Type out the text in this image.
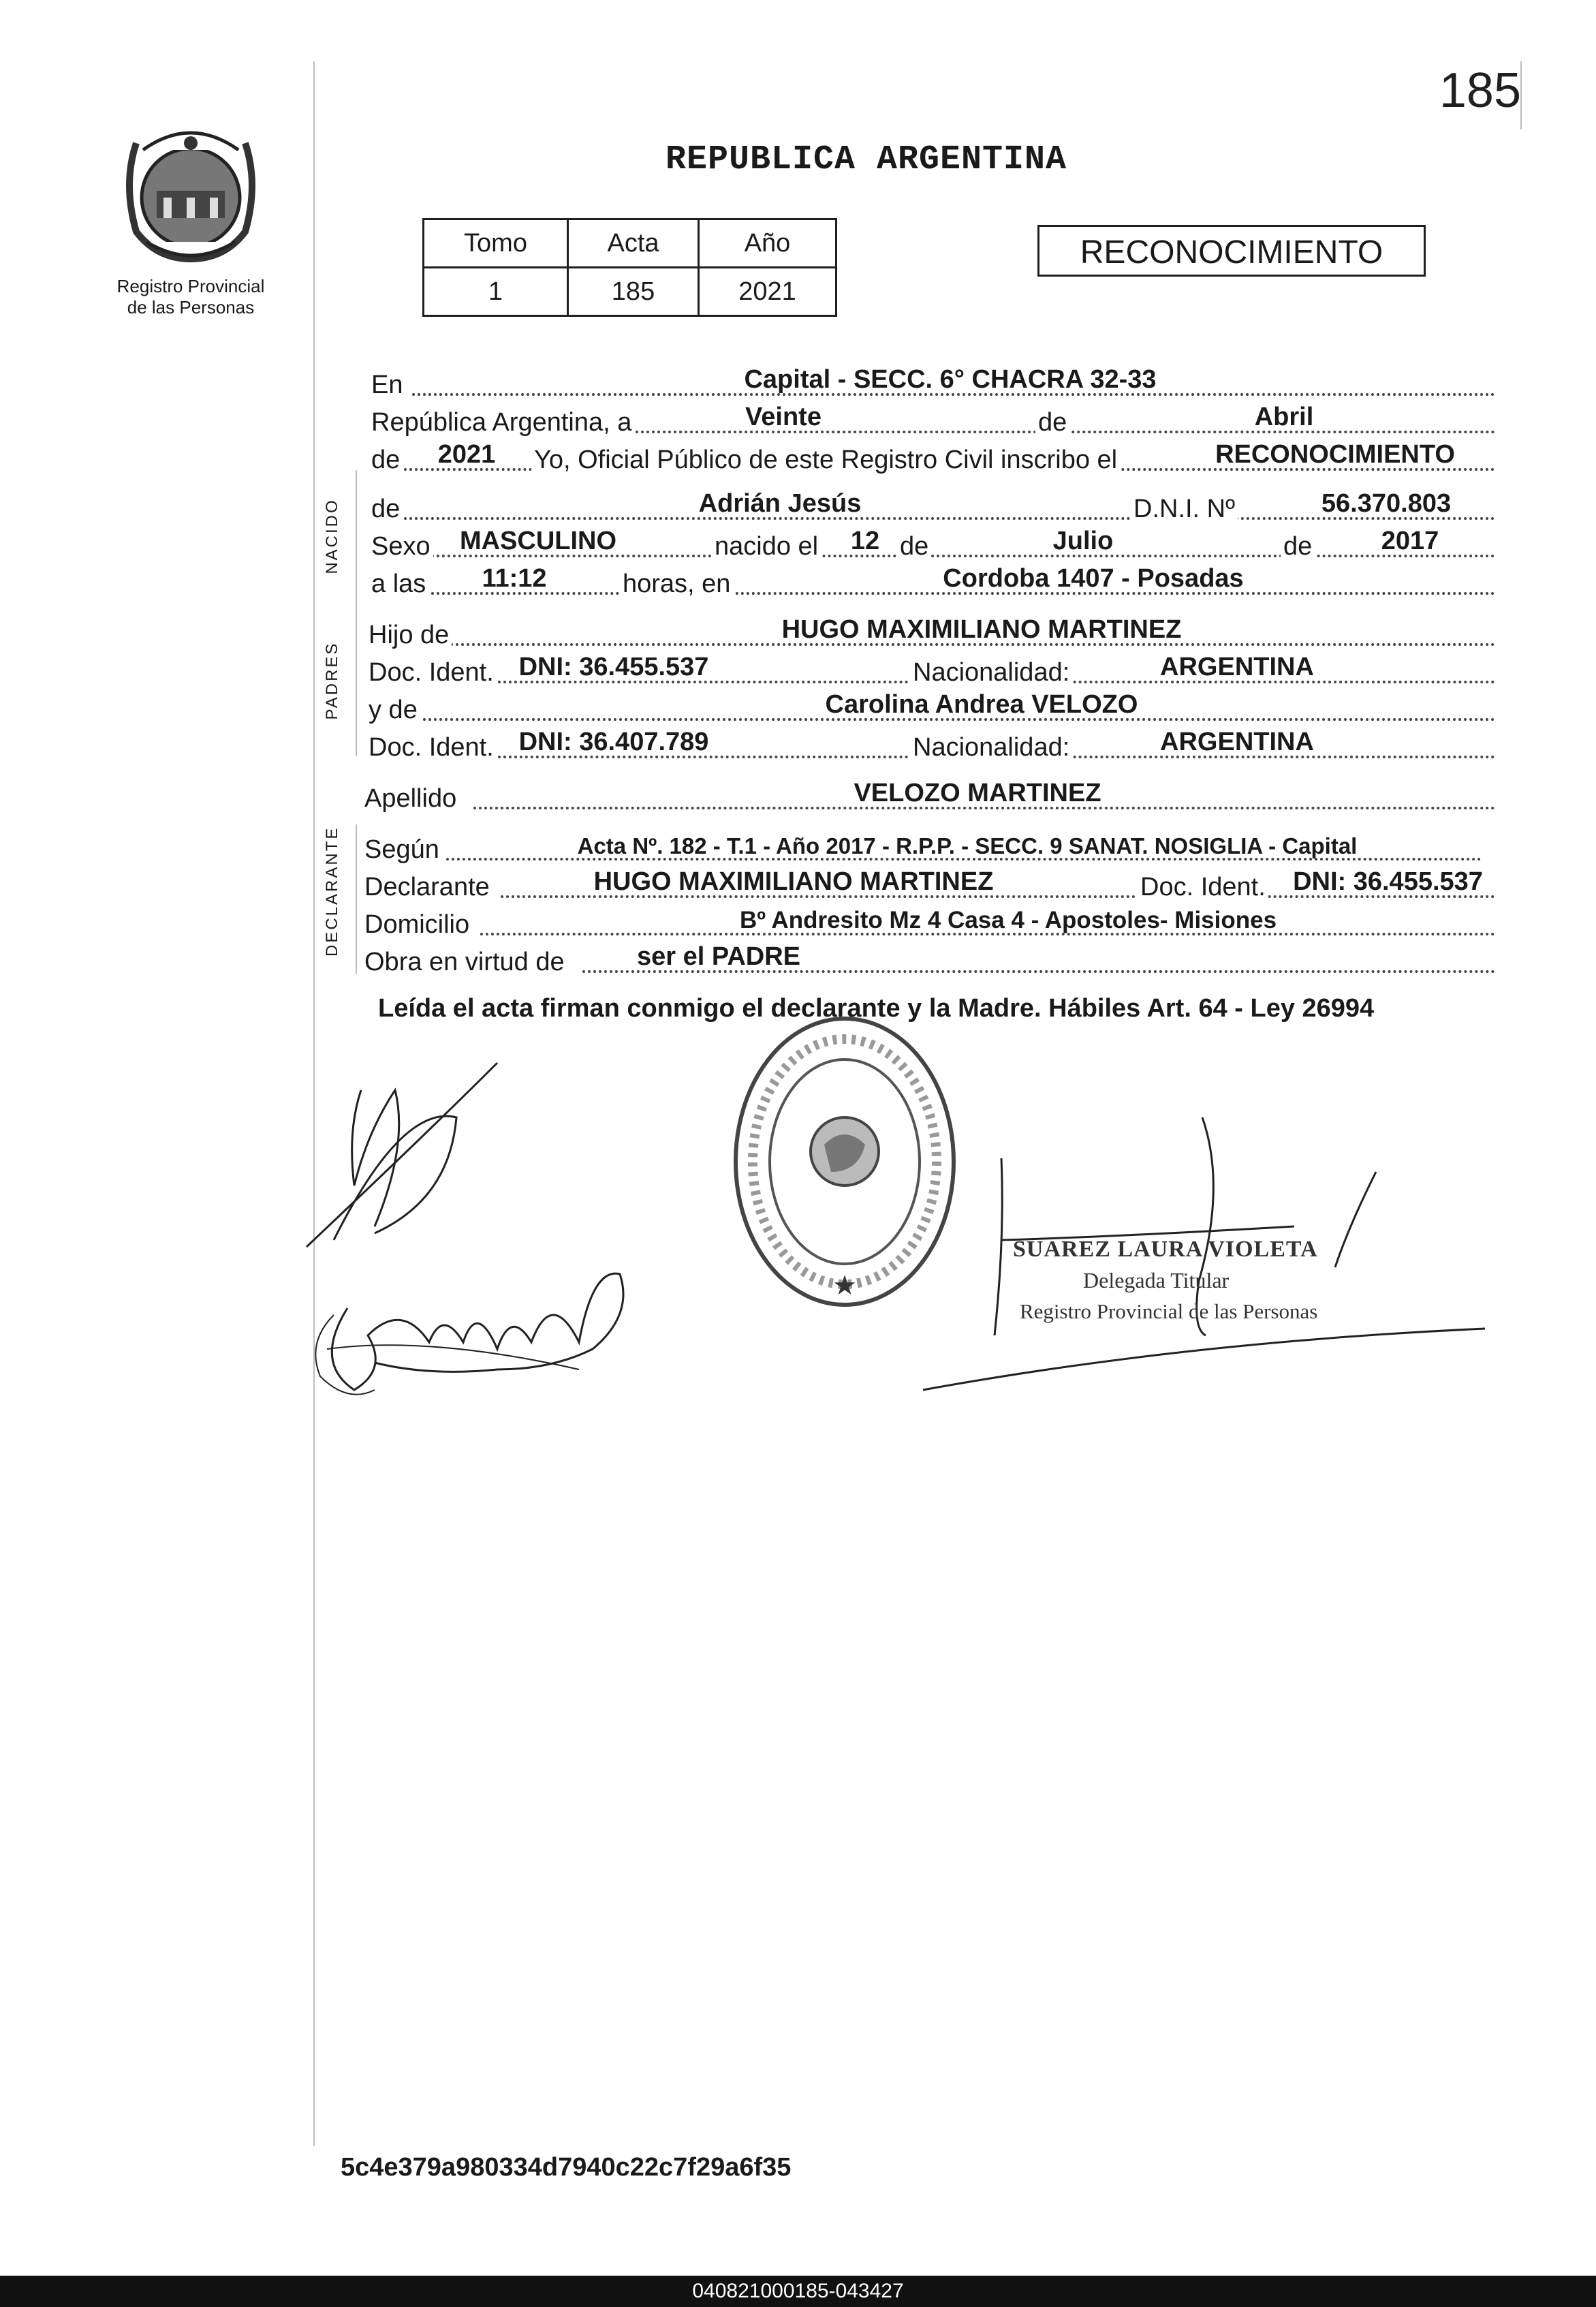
185
Registro Provincial
de las Personas
REPUBLICA ARGENTINA
Tomo	Acta	Año
1	185	2021
RECONOCIMIENTO
NACIDO
PADRES
DECLARANTE
En	Capital - SECC. 6° CHACRA 32-33
República Argentina, a	Veinte	de	Abril
de	2021	Yo, Oficial Público de este Registro Civil inscribo el	RECONOCIMIENTO
de	Adrián Jesús	D.N.I. Nº	56.370.803
Sexo	MASCULINO	nacido el	12 de	Julio	de	2017
a las	11:12	horas, en	Cordoba 1407 - Posadas
Hijo de	HUGO MAXIMILIANO MARTINEZ
Doc. Ident. DNI: 36.455.537	Nacionalidad:	ARGENTINA
y de	Carolina Andrea VELOZO
Doc. Ident. DNI: 36.407.789	Nacionalidad:	ARGENTINA
Apellido	VELOZO MARTINEZ
Según	Acta Nº. 182 - T.1 - Año 2017 - R.P.P. - SECC. 9 SANAT. NOSIGLIA - Capital
Declarante	HUGO MAXIMILIANO MARTINEZ	Doc. Ident.	DNI: 36.455.537
Domicilio	Bº Andresito Mz 4 Casa 4 - Apostoles- Misiones
Obra en virtud de	ser el PADRE
Leída el acta firman conmigo el declarante y la Madre. Hábiles Art. 64 - Ley 26994
★
SUAREZ LAURA VIOLETA
Delegada Titular
Registro Provincial de las Personas
5c4e379a980334d7940c22c7f29a6f35
040821000185-043427
